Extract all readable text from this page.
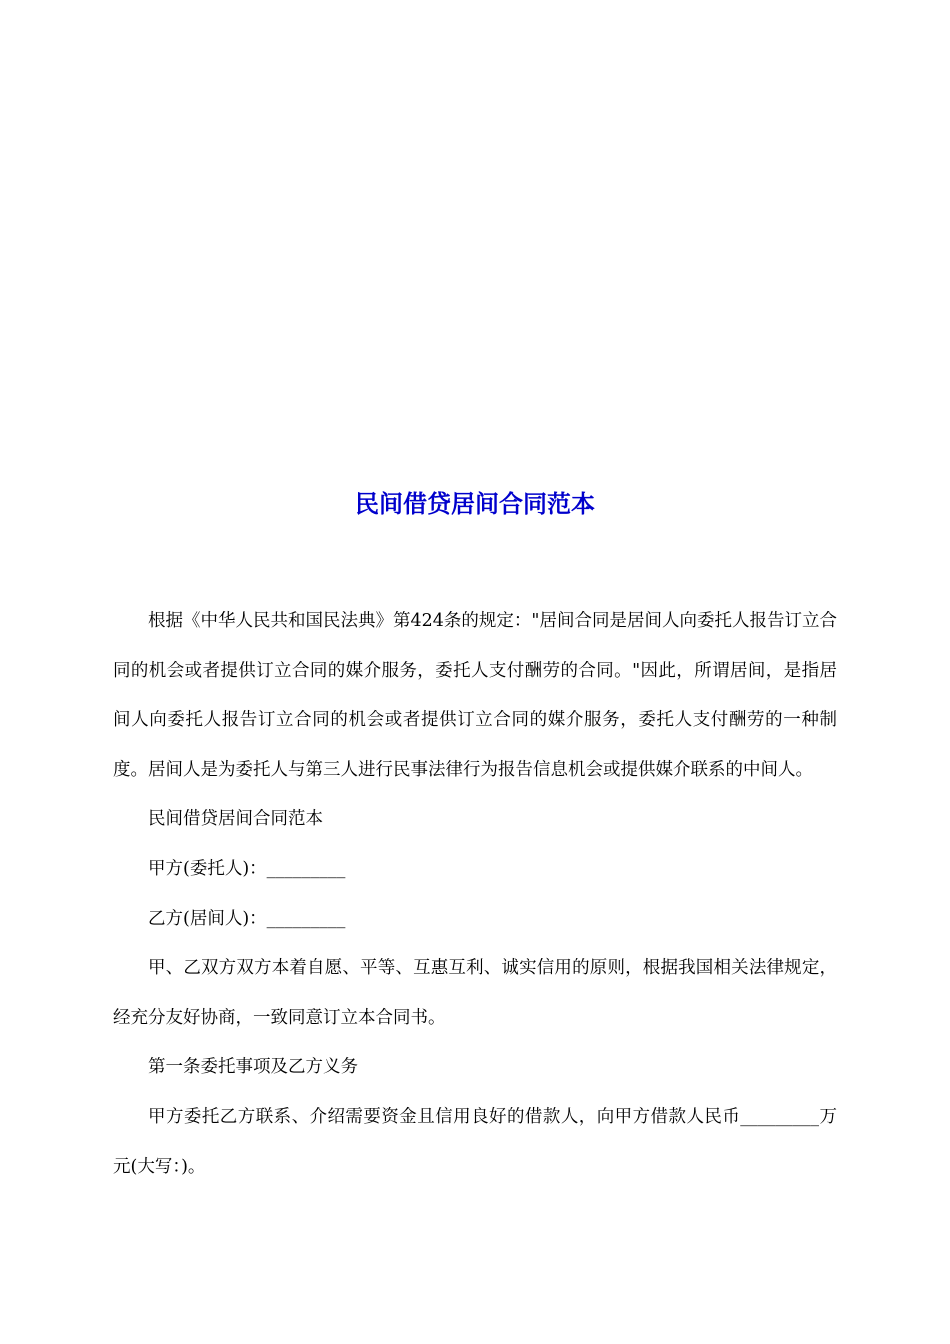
民间借贷居间合同范本

根据《中华人民共和国民法典》第424条的规定："居间合同是居间人向委托人报告订立合同的机会或者提供订立合同的媒介服务，委托人支付酬劳的合同。"因此，所谓居间，是指居间人向委托人报告订立合同的机会或者提供订立合同的媒介服务，委托人支付酬劳的一种制度。居间人是为委托人与第三人进行民事法律行为报告信息机会或提供媒介联系的中间人。

民间借贷居间合同范本

甲方(委托人)：_________

乙方(居间人)：_________

甲、乙双方双方本着自愿、平等、互惠互利、诚实信用的原则，根据我国相关法律规定，经充分友好协商，一致同意订立本合同书。

第一条委托事项及乙方义务

甲方委托乙方联系、介绍需要资金且信用良好的借款人，向甲方借款人民币_________万元(大写：)。
